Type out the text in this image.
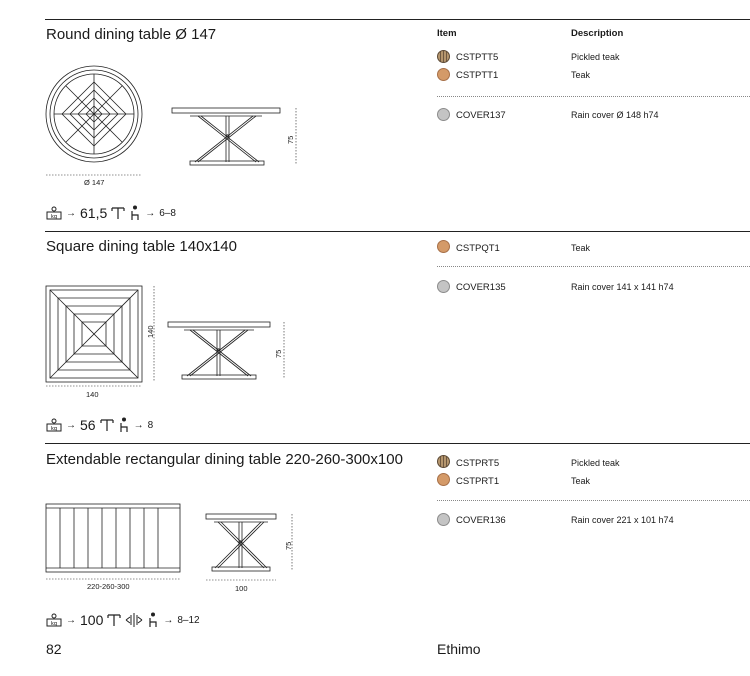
Item	Description
Round dining table Ø 147
Ø 147
75
kg → 61,5	→ 6–8
CSTPTT5	Pickled teak
CSTPTT1	Teak
COVER137	Rain cover Ø 148 h74
Square dining table 140x140
140
140
75
kg → 56	→ 8
CSTPQT1	Teak
COVER135	Rain cover 141 x 141 h74
Extendable rectangular dining table 220-260-300x100
220-260-300	100
75
kg → 100	→ 8–12
CSTPRT5	Pickled teak
CSTPRT1	Teak
COVER136	Rain cover 221 x 101 h74
82	Ethimo
